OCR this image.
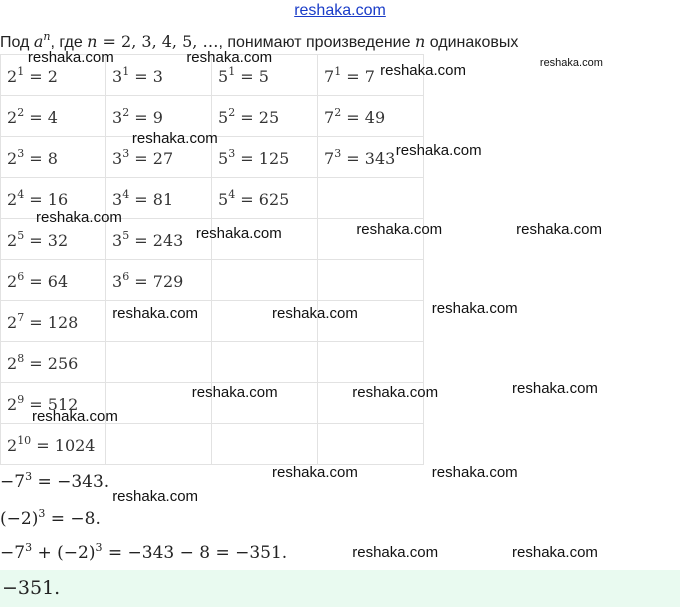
reshaka.com
Под $a^n$, где n = 2, 3, 4, 5, …, понимают произведение n одинаковых
$2^1 = 2$	$3^1 = 3$	$5^1 = 5$	$7^1 = 7$
$2^2 = 4$	$3^2 = 9$	$5^2 = 25$	$7^2 = 49$
$2^3 = 8$	$3^3 = 27$	$5^3 = 125$	$7^3 = 343$
$2^4 = 16$	$3^4 = 81$	$5^4 = 625$	
$2^5 = 32$	$3^5 = 243$		
$2^6 = 64$	$3^6 = 729$		
$2^7 = 128$			
$2^8 = 256$			
$2^9 = 512$			
$2^{10} = 1024$			
$-7^3 = -343$.
$(-2)^3 = -8$.
$-7^3 + (-2)^3 = -343 - 8 = -351$.
−351.
reshaka.com	reshaka.com
reshaka.com	reshaka.com
reshaka.com
reshaka.com
reshaka.com
reshaka.com	reshaka.com	reshaka.com
reshaka.com	reshaka.com	reshaka.com
reshaka.com	reshaka.com	reshaka.com
reshaka.com
reshaka.com	reshaka.com
reshaka.com
reshaka.com	reshaka.com
